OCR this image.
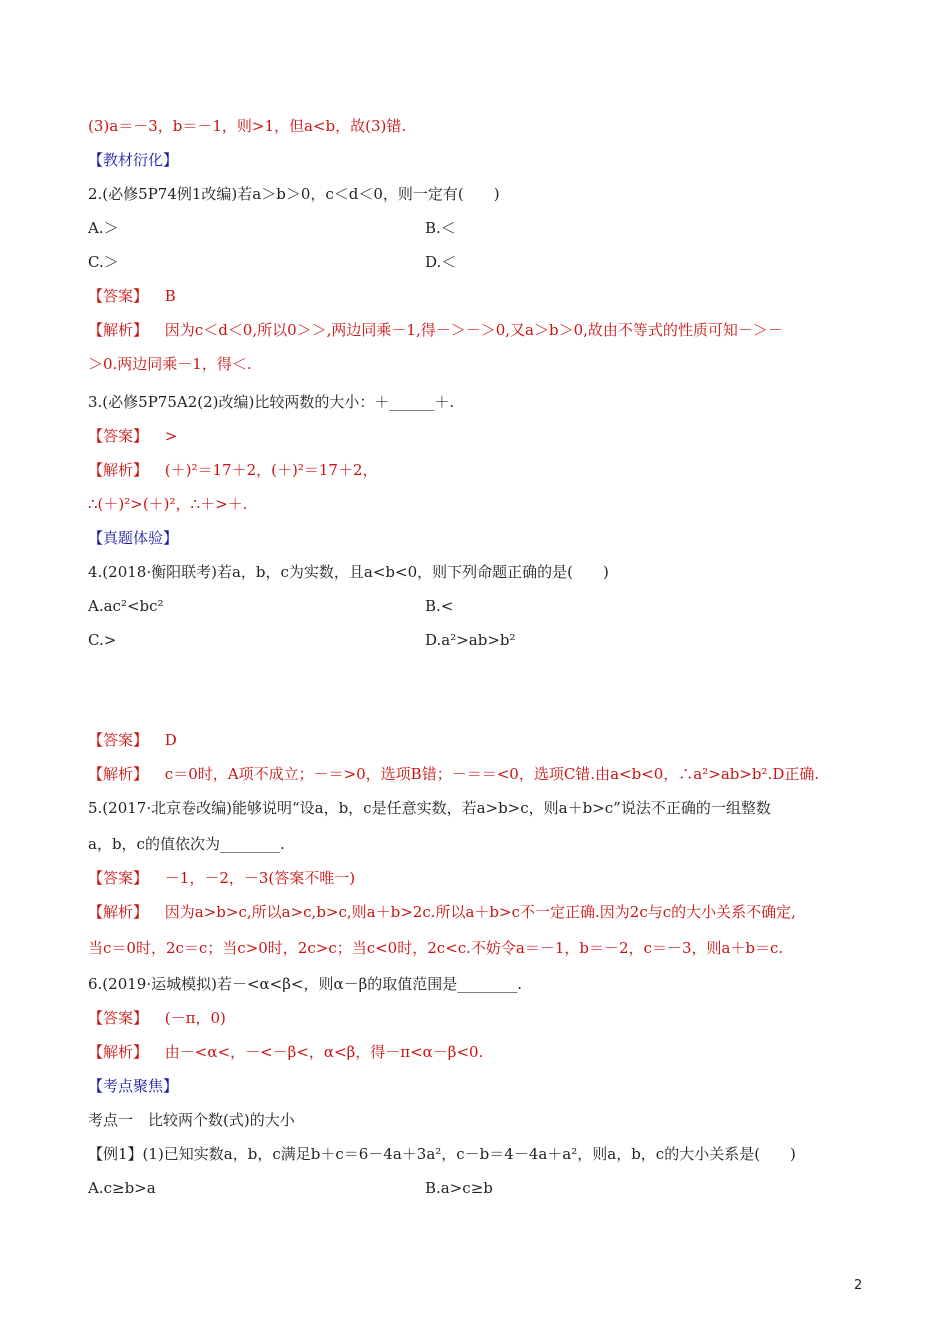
(3)a＝－3，b＝－1，则>1，但a<b，故(3)错.
【教材衍化】
2.(必修5P74例1改编)若a＞b＞0，c＜d＜0，则一定有(　　)
A.＞	B.＜
C.＞	D.＜
【答案】 B
【解析】 因为c＜d＜0,所以0＞＞,两边同乘－1,得－＞－＞0,又a＞b＞0,故由不等式的性质可知－＞－
＞0.两边同乘－1，得＜.
3.(必修5P75A2(2)改编)比较两数的大小：＋______＋.
【答案】 >
【解析】 (＋)²＝17＋2，(＋)²＝17＋2，
∴(＋)²>(＋)²，∴＋>＋.
【真题体验】
4.(2018·衡阳联考)若a，b，c为实数，且a<b<0，则下列命题正确的是(　　)
A.ac²<bc²	B.<
C.>	D.a²>ab>b²
【答案】 D
【解析】 c＝0时，A项不成立；－＝>0，选项B错；－＝＝<0，选项C错.由a<b<0，∴a²>ab>b².D正确.
5.(2017·北京卷改编)能够说明“设a，b，c是任意实数，若a>b>c，则a＋b>c”说法不正确的一组整数
a，b，c的值依次为________.
【答案】 －1，－2，－3(答案不唯一)
【解析】 因为a>b>c,所以a>c,b>c,则a＋b>2c.所以a＋b>c不一定正确.因为2c与c的大小关系不确定,
当c＝0时，2c＝c；当c>0时，2c>c；当c<0时，2c<c.不妨令a＝－1，b＝－2，c＝－3，则a＋b＝c.
6.(2019·运城模拟)若－<α<β<，则α－β的取值范围是________.
【答案】 (－π，0)
【解析】 由－<α<，－<－β<，α<β，得－π<α－β<0.
【考点聚焦】
考点一　比较两个数(式)的大小
【例1】(1)已知实数a，b，c满足b＋c＝6－4a＋3a²，c－b＝4－4a＋a²，则a，b，c的大小关系是(　　)
A.c≥b>a	B.a>c≥b
2
